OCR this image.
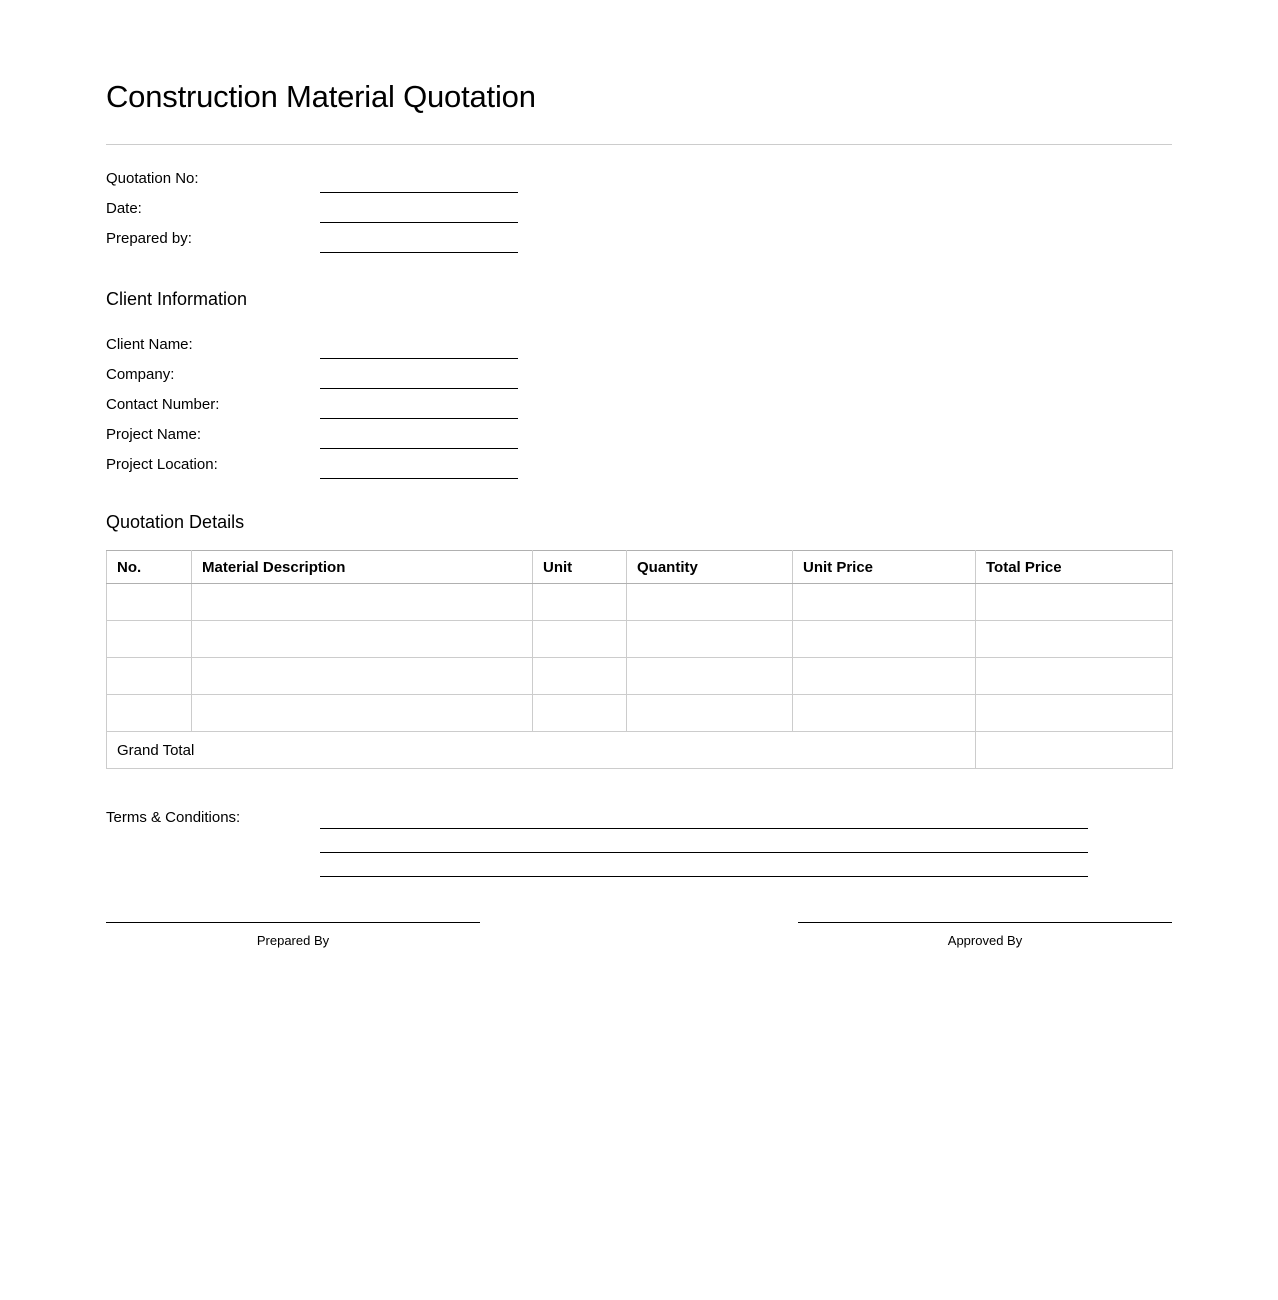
Construction Material Quotation
Quotation No:
Date:
Prepared by:
Client Information
Client Name:
Company:
Contact Number:
Project Name:
Project Location:
Quotation Details
No.	Material Description	Unit	Quantity	Unit Price	Total Price

Grand Total					
Terms & Conditions:
Prepared By	Approved By
